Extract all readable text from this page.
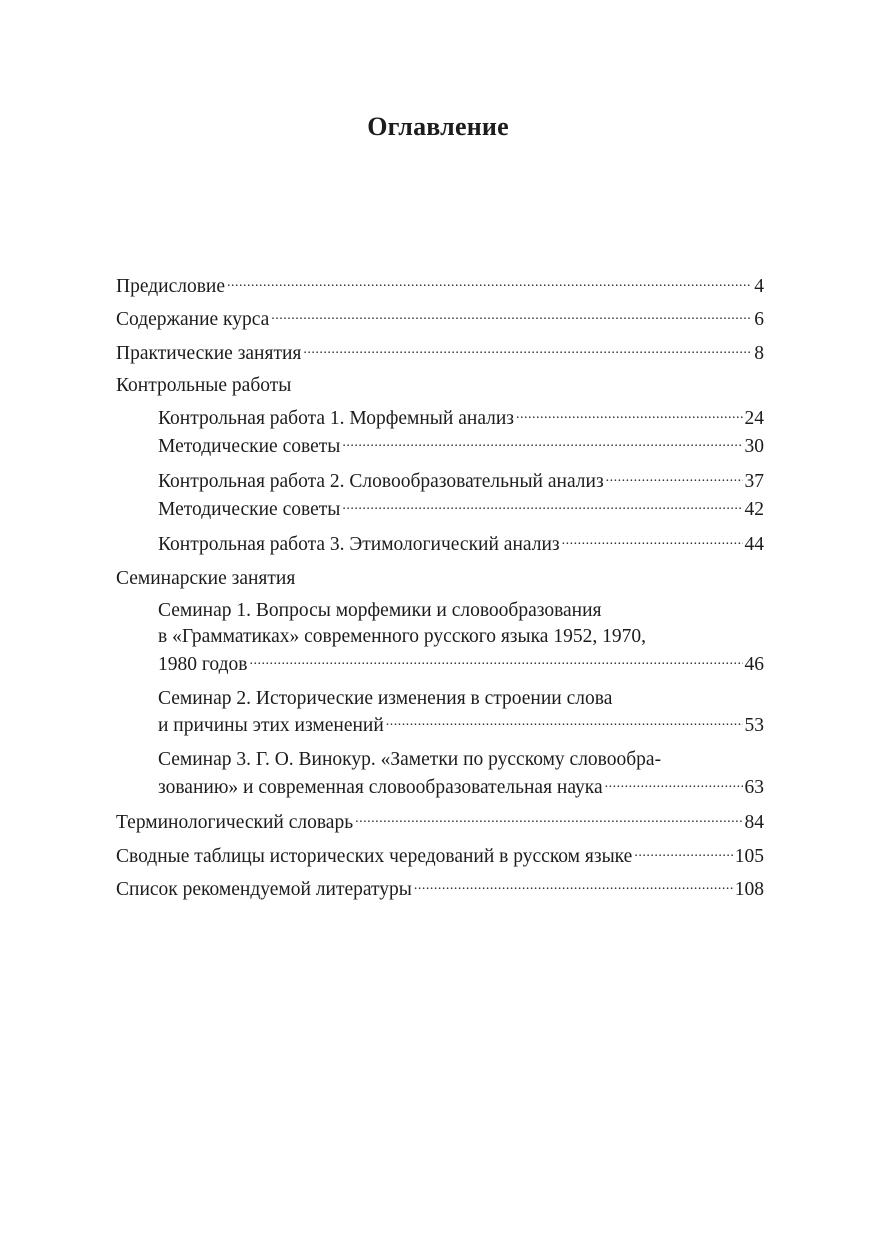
Оглавление
Предисловие .....	4
Содержание курса .....	6
Практические занятия .....	8
Контрольные работы
Контрольная работа 1. Морфемный анализ .....	24
Методические советы .....	30
Контрольная работа 2. Словообразовательный анализ .....	37
Методические советы .....	42
Контрольная работа 3. Этимологический анализ .....	44
Семинарские занятия
Семинар 1. Вопросы морфемики и словообразования
в «Грамматиках» современного русского языка 1952, 1970,
1980 годов .....	46
Семинар 2. Исторические изменения в строении слова
и причины этих изменений .....	53
Семинар 3. Г. О. Винокур. «Заметки по русскому словообра-
зованию» и современная словообразовательная наука .....	63
Терминологический словарь .....	84
Сводные таблицы исторических чередований в русском языке .....	105
Список рекомендуемой литературы .....	108
